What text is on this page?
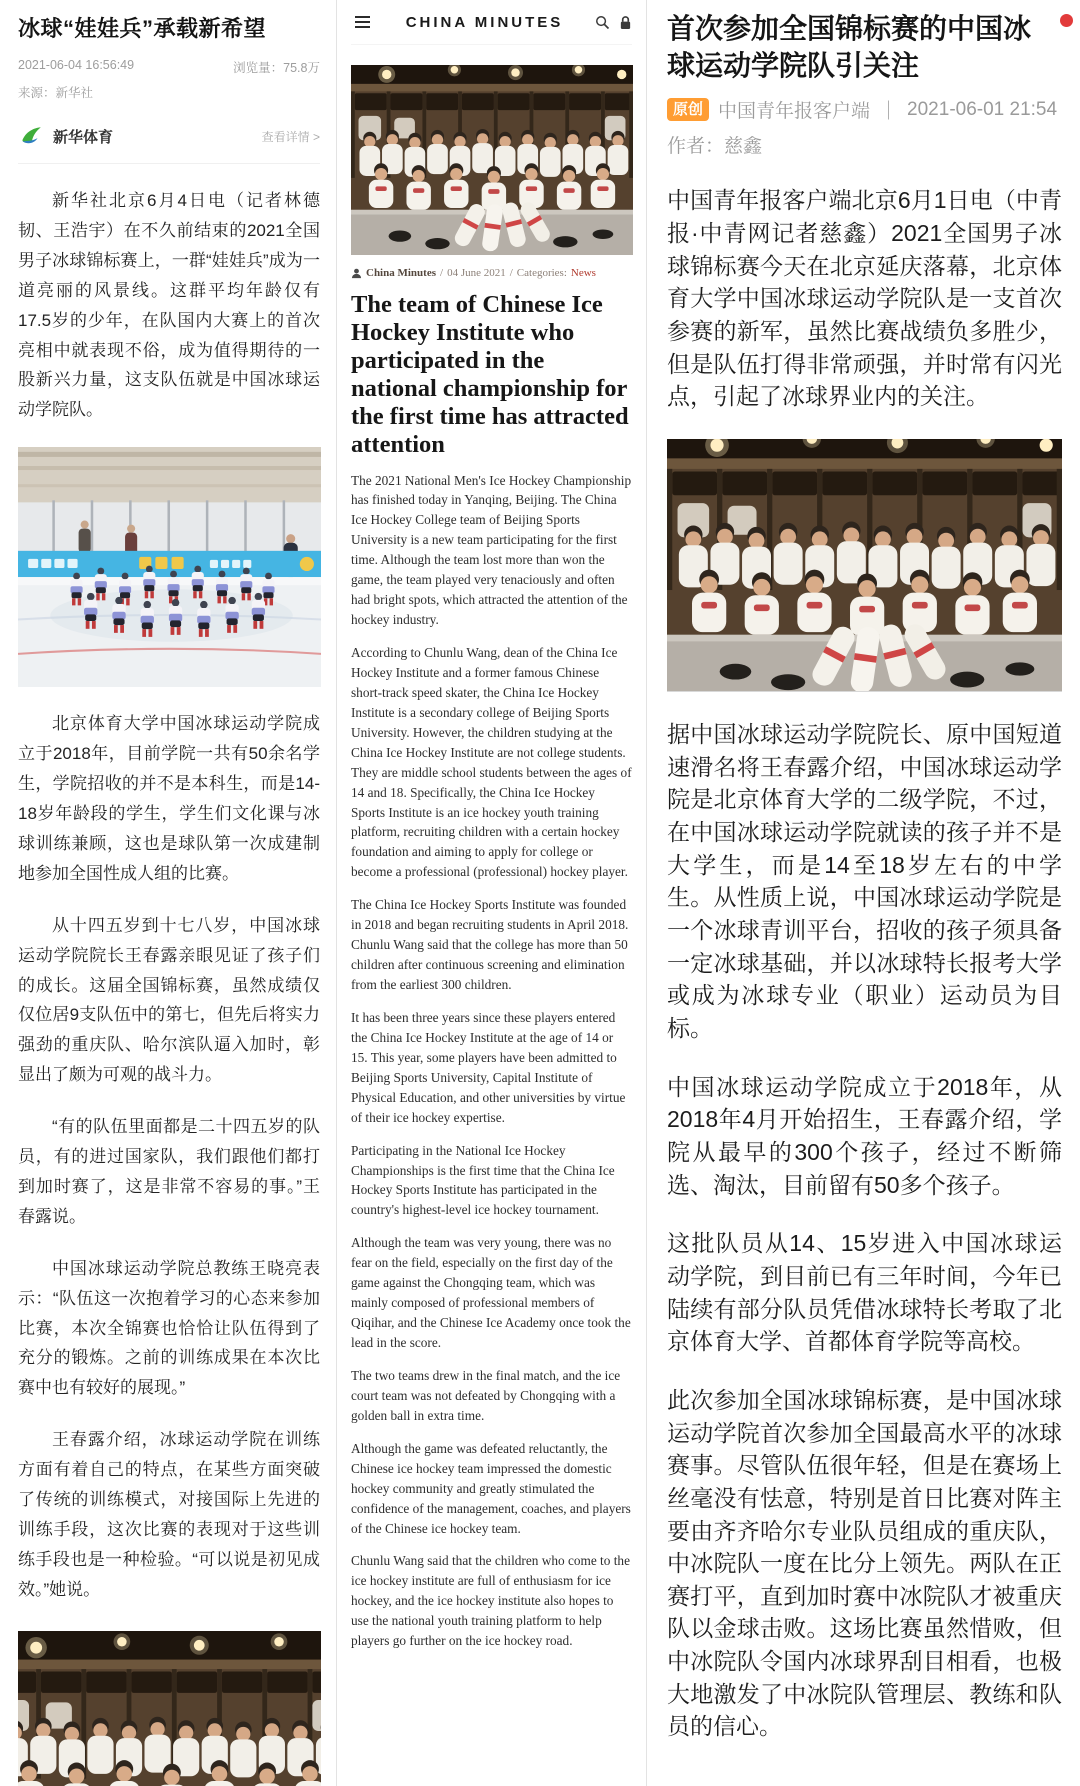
冰球“娃娃兵”承载新希望
2021-06-04 16:56:49	浏览量：75.8万
来源：新华社
新华体育	查看详情 >

新华社北京6月4日电（记者林德韧、王浩宇）在不久前结束的2021全国男子冰球锦标赛上，一群“娃娃兵”成为一道亮丽的风景线。这群平均年龄仅有17.5岁的少年，在队国内大赛上的首次亮相中就表现不俗，成为值得期待的一股新兴力量，这支队伍就是中国冰球运动学院队。

北京体育大学中国冰球运动学院成立于2018年，目前学院一共有50余名学生，学院招收的并不是本科生，而是14-18岁年龄段的学生，学生们文化课与冰球训练兼顾，这也是球队第一次成建制地参加全国性成人组的比赛。

从十四五岁到十七八岁，中国冰球运动学院院长王春露亲眼见证了孩子们的成长。这届全国锦标赛，虽然成绩仅仅位居9支队伍中的第七，但先后将实力强劲的重庆队、哈尔滨队逼入加时，彰显出了颇为可观的战斗力。

“有的队伍里面都是二十四五岁的队员，有的进过国家队，我们跟他们都打到加时赛了，这是非常不容易的事。”王春露说。

中国冰球运动学院总教练王晓亮表示：“队伍这一次抱着学习的心态来参加比赛，本次全锦赛也恰恰让队伍得到了充分的锻炼。之前的训练成果在本次比赛中也有较好的展现。”

王春露介绍，冰球运动学院在训练方面有着自己的特点，在某些方面突破了传统的训练模式，对接国际上先进的训练手段，这次比赛的表现对于这些训练手段也是一种检验。“可以说是初见成效。”她说。

CHINA MINUTES
China Minutes / 04 June 2021 / Categories: News
The team of Chinese Ice Hockey Institute who participated in the national championship for the first time has attracted attention

The 2021 National Men's Ice Hockey Championship has finished today in Yanqing, Beijing. The China Ice Hockey College team of Beijing Sports University is a new team participating for the first time. Although the team lost more than won the game, the team played very tenaciously and often had bright spots, which attracted the attention of the hockey industry.

According to Chunlu Wang, dean of the China Ice Hockey Institute and a former famous Chinese short-track speed skater, the China Ice Hockey Institute is a secondary college of Beijing Sports University. However, the children studying at the China Ice Hockey Institute are not college students. They are middle school students between the ages of 14 and 18. Specifically, the China Ice Hockey Sports Institute is an ice hockey youth training platform, recruiting children with a certain hockey foundation and aiming to apply for college or become a professional (professional) hockey player.

The China Ice Hockey Sports Institute was founded in 2018 and began recruiting students in April 2018. Chunlu Wang said that the college has more than 50 children after continuous screening and elimination from the earliest 300 children.

It has been three years since these players entered the China Ice Hockey Institute at the age of 14 or 15. This year, some players have been admitted to Beijing Sports University, Capital Institute of Physical Education, and other universities by virtue of their ice hockey expertise.

Participating in the National Ice Hockey Championships is the first time that the China Ice Hockey Sports Institute has participated in the country's highest-level ice hockey tournament.

Although the team was very young, there was no fear on the field, especially on the first day of the game against the Chongqing team, which was mainly composed of professional members of Qiqihar, and the Chinese Ice Academy once took the lead in the score.

The two teams drew in the final match, and the ice court team was not defeated by Chongqing with a golden ball in extra time.

Although the game was defeated reluctantly, the Chinese ice hockey team impressed the domestic hockey community and greatly stimulated the confidence of the management, coaches, and players of the Chinese ice hockey team.

Chunlu Wang said that the children who come to the ice hockey institute are full of enthusiasm for ice hockey, and the ice hockey institute also hopes to use the national youth training platform to help players go further on the ice hockey road.

首次参加全国锦标赛的中国冰球运动学院队引关注
原创 中国青年报客户端 ｜ 2021-06-01 21:54
作者：慈鑫

中国青年报客户端北京6月1日电（中青报·中青网记者慈鑫）2021全国男子冰球锦标赛今天在北京延庆落幕，北京体育大学中国冰球运动学院队是一支首次参赛的新军，虽然比赛战绩负多胜少，但是队伍打得非常顽强，并时常有闪光点，引起了冰球界业内的关注。

据中国冰球运动学院院长、原中国短道速滑名将王春露介绍，中国冰球运动学院是北京体育大学的二级学院，不过，在中国冰球运动学院就读的孩子并不是大学生，而是14至18岁左右的中学生。从性质上说，中国冰球运动学院是一个冰球青训平台，招收的孩子须具备一定冰球基础，并以冰球特长报考大学或成为冰球专业（职业）运动员为目标。

中国冰球运动学院成立于2018年，从2018年4月开始招生，王春露介绍，学院从最早的300个孩子，经过不断筛选、淘汰，目前留有50多个孩子。

这批队员从14、15岁进入中国冰球运动学院，到目前已有三年时间，今年已陆续有部分队员凭借冰球特长考取了北京体育大学、首都体育学院等高校。

此次参加全国冰球锦标赛，是中国冰球运动学院首次参加全国最高水平的冰球赛事。尽管队伍很年轻，但是在赛场上丝毫没有怯意，特别是首日比赛对阵主要由齐齐哈尔专业队员组成的重庆队，中冰院队一度在比分上领先。两队在正赛打平，直到加时赛中冰院队才被重庆队以金球击败。这场比赛虽然惜败，但中冰院队令国内冰球界刮目相看，也极大地激发了中冰院队管理层、教练和队员的信心。
